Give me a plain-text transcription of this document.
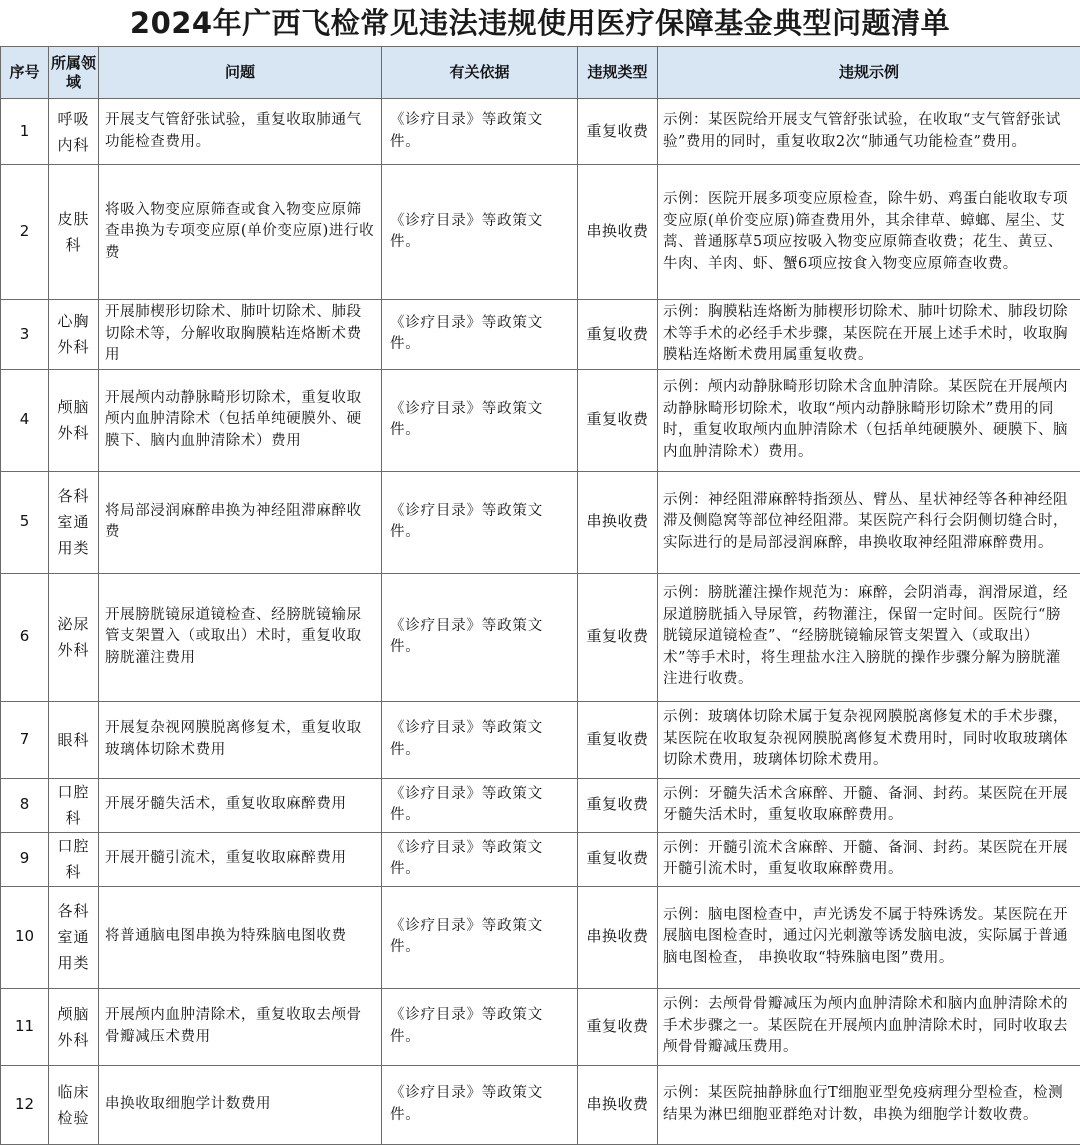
2024年广西飞检常见违法违规使用医疗保障基金典型问题清单
序号	所属领域	问题	有关依据	违规类型	违规示例
1	呼吸内科	开展支气管舒张试验，重复收取肺通气功能检查费用。	《诊疗目录》等政策文件。	重复收费	示例：某医院给开展支气管舒张试验，在收取“支气管舒张试验”费用的同时，重复收取2次“肺通气功能检查”费用。
2	皮肤科	将吸入物变应原筛查或食入物变应原筛查串换为专项变应原(单价变应原)进行收费	《诊疗目录》等政策文件。	串换收费	示例：医院开展多项变应原检查，除牛奶、鸡蛋白能收取专项变应原(单价变应原)筛查费用外，其余律草、蟑螂、屋尘、艾蒿、普通豚草5项应按吸入物变应原筛查收费；花生、黄豆、牛肉、羊肉、虾、蟹6项应按食入物变应原筛查收费。
3	心胸外科	开展肺楔形切除术、肺叶切除术、肺段切除术等，分解收取胸膜粘连烙断术费用	《诊疗目录》等政策文件。	重复收费	示例：胸膜粘连烙断为肺楔形切除术、肺叶切除术、肺段切除术等手术的必经手术步骤，某医院在开展上述手术时，收取胸膜粘连烙断术费用属重复收费。
4	颅脑外科	开展颅内动静脉畸形切除术，重复收取颅内血肿清除术（包括单纯硬膜外、硬膜下、脑内血肿清除术）费用	《诊疗目录》等政策文件。	重复收费	示例：颅内动静脉畸形切除术含血肿清除。某医院在开展颅内动静脉畸形切除术，收取“颅内动静脉畸形切除术”费用的同时，重复收取颅内血肿清除术（包括单纯硬膜外、硬膜下、脑内血肿清除术）费用。
5	各科室通用类	将局部浸润麻醉串换为神经阻滞麻醉收费	《诊疗目录》等政策文件。	串换收费	示例：神经阻滞麻醉特指颈丛、臂丛、星状神经等各种神经阻滞及侧隐窝等部位神经阻滞。某医院产科行会阴侧切缝合时，实际进行的是局部浸润麻醉，串换收取神经阻滞麻醉费用。
6	泌尿外科	开展膀胱镜尿道镜检查、经膀胱镜输尿管支架置入（或取出）术时，重复收取膀胱灌注费用	《诊疗目录》等政策文件。	重复收费	示例：膀胱灌注操作规范为：麻醉，会阴消毒，润滑尿道，经尿道膀胱插入导尿管，药物灌注，保留一定时间。医院行“膀胱镜尿道镜检查”、“经膀胱镜输尿管支架置入（或取出）术”等手术时，将生理盐水注入膀胱的操作步骤分解为膀胱灌注进行收费。
7	眼科	开展复杂视网膜脱离修复术，重复收取玻璃体切除术费用	《诊疗目录》等政策文件。	重复收费	示例：玻璃体切除术属于复杂视网膜脱离修复术的手术步骤，某医院在收取复杂视网膜脱离修复术费用时，同时收取玻璃体切除术费用，玻璃体切除术费用。
8	口腔科	开展牙髓失活术，重复收取麻醉费用	《诊疗目录》等政策文件。	重复收费	示例：牙髓失活术含麻醉、开髓、备洞、封药。某医院在开展牙髓失活术时，重复收取麻醉费用。
9	口腔科	开展开髓引流术，重复收取麻醉费用	《诊疗目录》等政策文件。	重复收费	示例：开髓引流术含麻醉、开髓、备洞、封药。某医院在开展开髓引流术时，重复收取麻醉费用。
10	各科室通用类	将普通脑电图串换为特殊脑电图收费	《诊疗目录》等政策文件。	串换收费	示例：脑电图检查中，声光诱发不属于特殊诱发。某医院在开展脑电图检查时，通过闪光刺激等诱发脑电波，实际属于普通脑电图检查， 串换收取“特殊脑电图”费用。
11	颅脑外科	开展颅内血肿清除术，重复收取去颅骨骨瓣减压术费用	《诊疗目录》等政策文件。	重复收费	示例：去颅骨骨瓣减压为颅内血肿清除术和脑内血肿清除术的手术步骤之一。某医院在开展颅内血肿清除术时，同时收取去颅骨骨瓣减压费用。
12	临床检验	串换收取细胞学计数费用	《诊疗目录》等政策文件。	串换收费	示例：某医院抽静脉血行T细胞亚型免疫病理分型检查，检测结果为淋巴细胞亚群绝对计数，串换为细胞学计数收费。
